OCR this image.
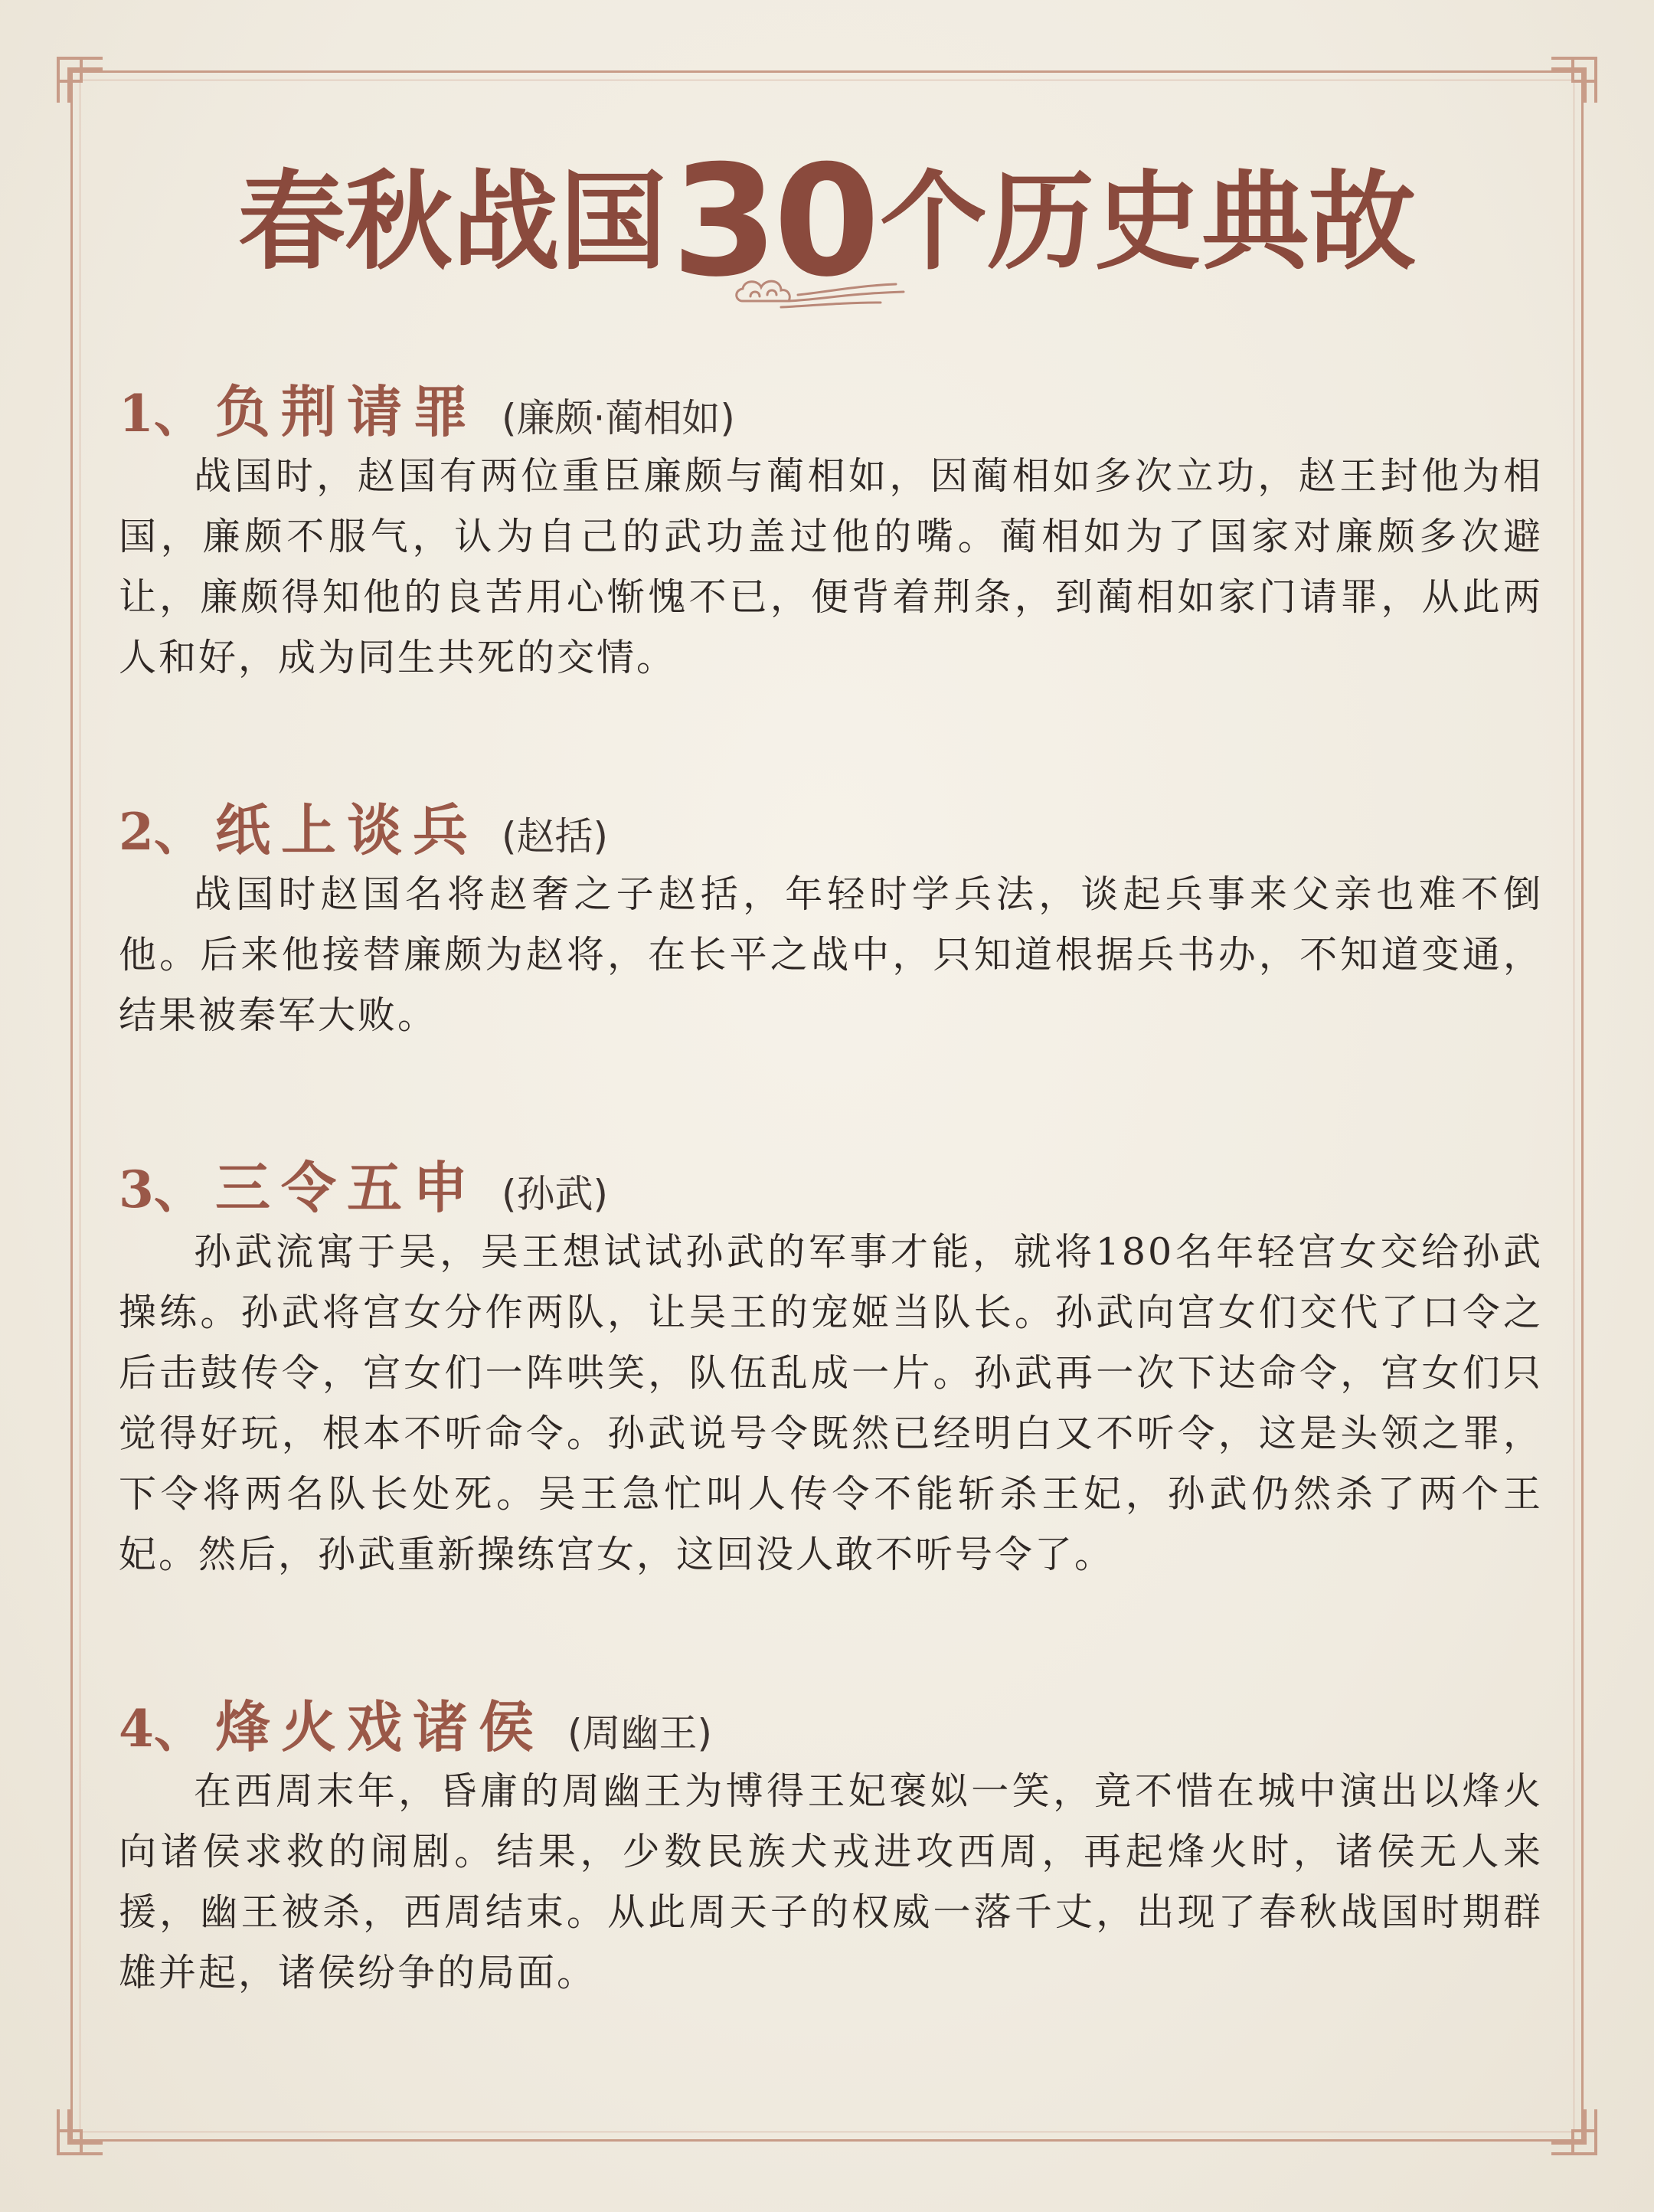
春秋战国30个历史典故
1、 负荆请罪 (廉颇·蔺相如)
战国时，赵国有两位重臣廉颇与蔺相如，因蔺相如多次立功，赵王封他为相国，廉颇不服气，认为自己的武功盖过他的嘴。蔺相如为了国家对廉颇多次避让，廉颇得知他的良苦用心惭愧不已，便背着荆条，到蔺相如家门请罪，从此两人和好，成为同生共死的交情。
2、 纸上谈兵 (赵括)
战国时赵国名将赵奢之子赵括，年轻时学兵法，谈起兵事来父亲也难不倒他。后来他接替廉颇为赵将，在长平之战中，只知道根据兵书办，不知道变通，结果被秦军大败。
3、 三令五申 (孙武)
孙武流寓于吴，吴王想试试孙武的军事才能，就将180名年轻宫女交给孙武操练。孙武将宫女分作两队，让吴王的宠姬当队长。孙武向宫女们交代了口令之后击鼓传令，宫女们一阵哄笑，队伍乱成一片。孙武再一次下达命令，宫女们只觉得好玩，根本不听命令。孙武说号令既然已经明白又不听令，这是头领之罪，下令将两名队长处死。吴王急忙叫人传令不能斩杀王妃，孙武仍然杀了两个王妃。然后，孙武重新操练宫女，这回没人敢不听号令了。
4、 烽火戏诸侯 (周幽王)
在西周末年，昏庸的周幽王为博得王妃褒姒一笑，竟不惜在城中演出以烽火向诸侯求救的闹剧。结果，少数民族犬戎进攻西周，再起烽火时，诸侯无人来援，幽王被杀，西周结束。从此周天子的权威一落千丈，出现了春秋战国时期群雄并起，诸侯纷争的局面。
